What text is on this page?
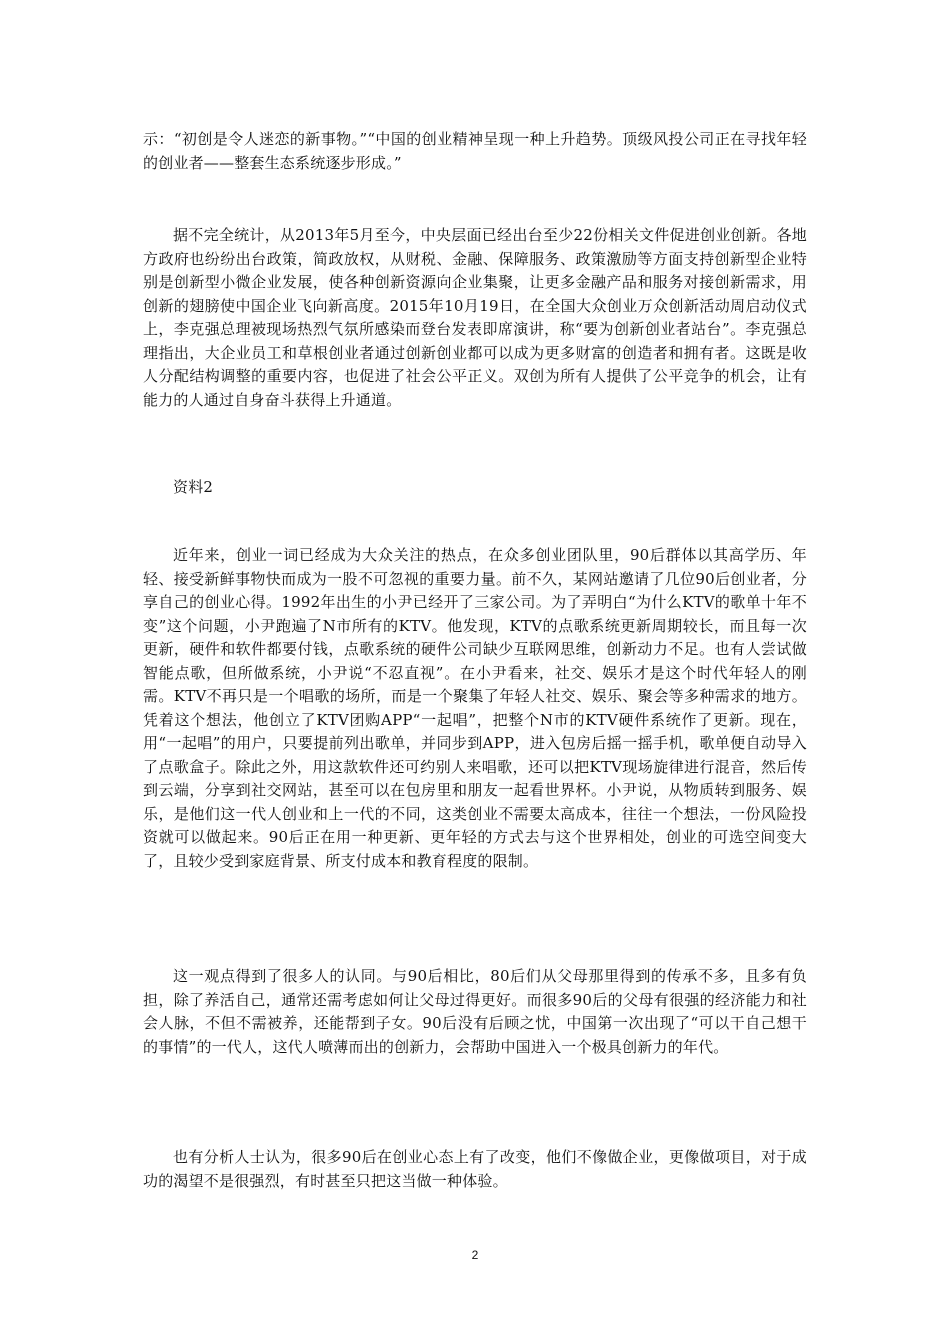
示：“初创是令人迷恋的新事物。”“中国的创业精神呈现一种上升趋势。顶级风投公司正在寻找年轻的创业者——整套生态系统逐步形成。”

据不完全统计，从2013年5月至今，中央层面已经出台至少22份相关文件促进创业创新。各地方政府也纷纷出台政策，简政放权，从财税、金融、保障服务、政策激励等方面支持创新型企业特别是创新型小微企业发展，使各种创新资源向企业集聚，让更多金融产品和服务对接创新需求，用创新的翅膀使中国企业飞向新高度。2015年10月19日，在全国大众创业万众创新活动周启动仪式上，李克强总理被现场热烈气氛所感染而登台发表即席演讲，称“要为创新创业者站台”。李克强总理指出，大企业员工和草根创业者通过创新创业都可以成为更多财富的创造者和拥有者。这既是收人分配结构调整的重要内容，也促进了社会公平正义。双创为所有人提供了公平竞争的机会，让有能力的人通过自身奋斗获得上升通道。

资料2

近年来，创业一词已经成为大众关注的热点，在众多创业团队里，90后群体以其高学历、年轻、接受新鲜事物快而成为一股不可忽视的重要力量。前不久，某网站邀请了几位90后创业者，分享自己的创业心得。1992年出生的小尹已经开了三家公司。为了弄明白“为什么KTV的歌单十年不变”这个问题，小尹跑遍了N市所有的KTV。他发现，KTV的点歌系统更新周期较长，而且每一次更新，硬件和软件都要付钱，点歌系统的硬件公司缺少互联网思维，创新动力不足。也有人尝试做智能点歌，但所做系统，小尹说“不忍直视”。在小尹看来，社交、娱乐才是这个时代年轻人的刚需。KTV不再只是一个唱歌的场所，而是一个聚集了年轻人社交、娱乐、聚会等多种需求的地方。凭着这个想法，他创立了KTV团购APP“一起唱”，把整个N市的KTV硬件系统作了更新。现在，用“一起唱”的用户，只要提前列出歌单，并同步到APP，进入包房后摇一摇手机，歌单便自动导入了点歌盒子。除此之外，用这款软件还可约别人来唱歌，还可以把KTV现场旋律进行混音，然后传到云端，分享到社交网站，甚至可以在包房里和朋友一起看世界杯。小尹说，从物质转到服务、娱乐，是他们这一代人创业和上一代的不同，这类创业不需要太高成本，往往一个想法，一份风险投资就可以做起来。90后正在用一种更新、更年轻的方式去与这个世界相处，创业的可选空间变大了，且较少受到家庭背景、所支付成本和教育程度的限制。

这一观点得到了很多人的认同。与90后相比，80后们从父母那里得到的传承不多，且多有负担，除了养活自己，通常还需考虑如何让父母过得更好。而很多90后的父母有很强的经济能力和社会人脉，不但不需被养，还能帮到子女。90后没有后顾之忧，中国第一次出现了“可以干自己想干的事情”的一代人，这代人喷薄而出的创新力，会帮助中国进入一个极具创新力的年代。

也有分析人士认为，很多90后在创业心态上有了改变，他们不像做企业，更像做项目，对于成功的渴望不是很强烈，有时甚至只把这当做一种体验。

2
